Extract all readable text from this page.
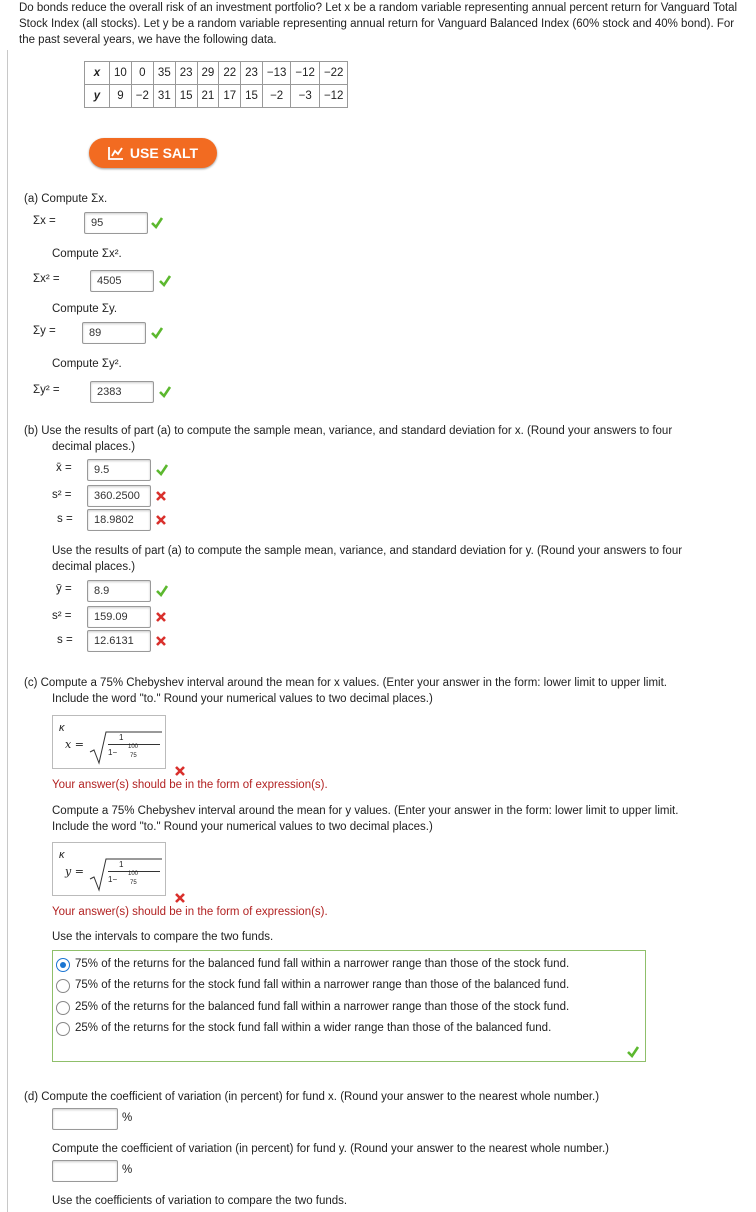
Do bonds reduce the overall risk of an investment portfolio? Let x be a random variable representing annual percent return for Vanguard Total Stock Index (all stocks). Let y be a random variable representing annual return for Vanguard Balanced Index (60% stock and 40% bond). For the past several years, we have the following data.
x	10	0	35	23	29	22	23	−13	−12	−22
y	9	−2	31	15	21	17	15	−2	−3	−12
USE SALT
(a) Compute Σx.
Σx =	95
Compute Σx².
Σx² =	4505
Compute Σy.
Σy =	89
Compute Σy².
Σy² =	2383
(b) Use the results of part (a) to compute the sample mean, variance, and standard deviation for x. (Round your answers to four
decimal places.)
x̄ =	9.5
s² =	360.2500
s =	18.9802
Use the results of part (a) to compute the sample mean, variance, and standard deviation for y. (Round your answers to four
decimal places.)
ȳ =	8.9
s² =	159.09
s =	12.6131
(c) Compute a 75% Chebyshev interval around the mean for x values. (Enter your answer in the form: lower limit to upper limit.
Include the word "to." Round your numerical values to two decimal places.)
κ
x =
1
1−
100
75
Your answer(s) should be in the form of expression(s).
Compute a 75% Chebyshev interval around the mean for y values. (Enter your answer in the form: lower limit to upper limit.
Include the word "to." Round your numerical values to two decimal places.)
κ
y =
1
1−
100
75
Your answer(s) should be in the form of expression(s).
Use the intervals to compare the two funds.
75% of the returns for the balanced fund fall within a narrower range than those of the stock fund.
75% of the returns for the stock fund fall within a narrower range than those of the balanced fund.
25% of the returns for the balanced fund fall within a narrower range than those of the stock fund.
25% of the returns for the stock fund fall within a wider range than those of the balanced fund.
(d) Compute the coefficient of variation (in percent) for fund x. (Round your answer to the nearest whole number.)
%
Compute the coefficient of variation (in percent) for fund y. (Round your answer to the nearest whole number.)
%
Use the coefficients of variation to compare the two funds.
